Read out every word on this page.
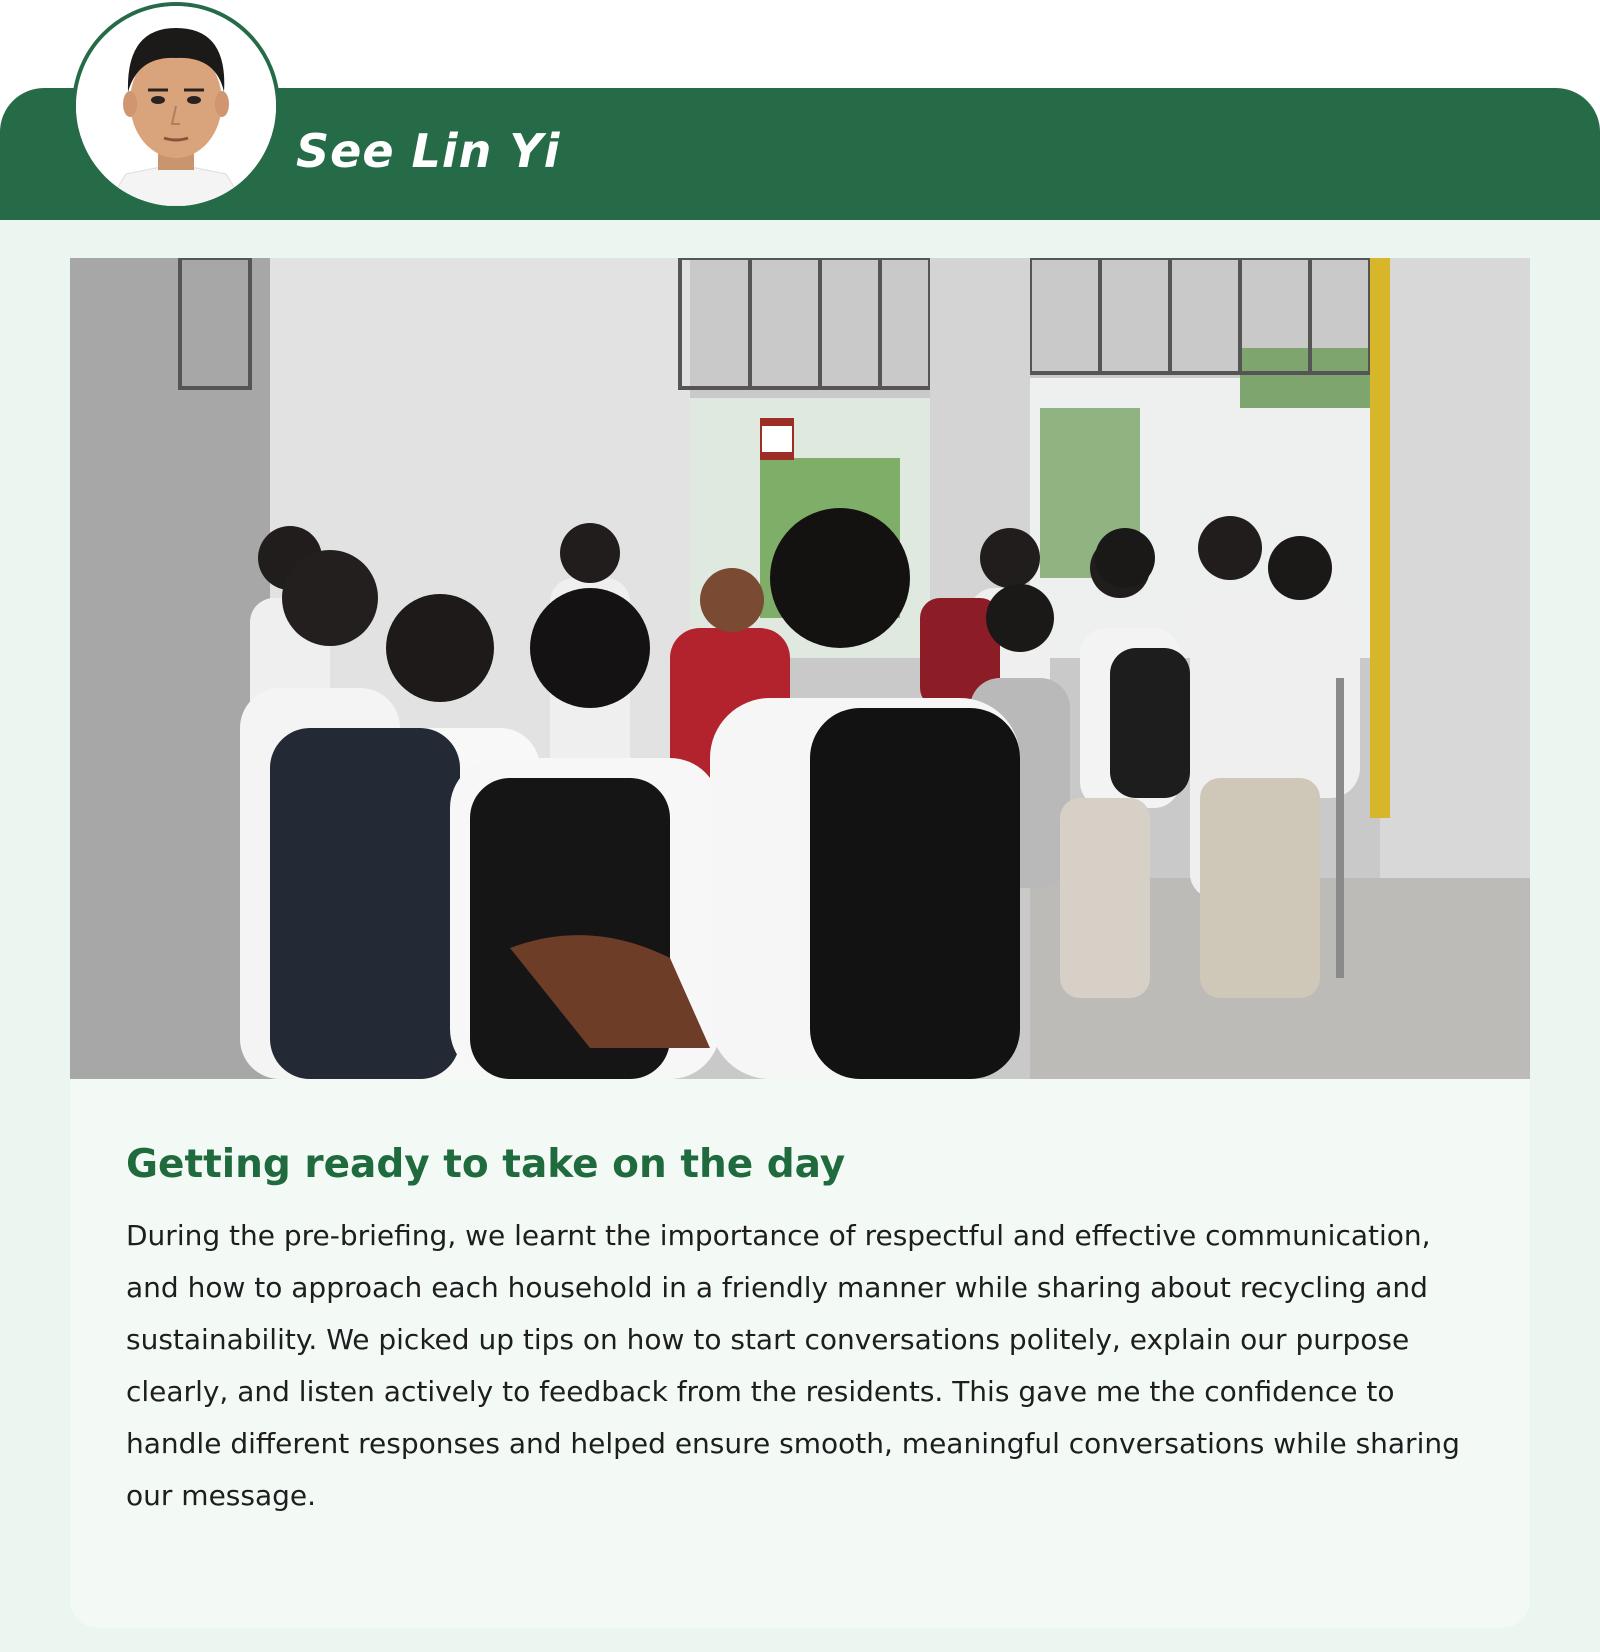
See Lin Yi
Getting ready to take on the day

During the pre-briefing, we learnt the importance of respectful and effective communication, and how to approach each household in a friendly manner while sharing about recycling and sustainability. We picked up tips on how to start conversations politely, explain our purpose clearly, and listen actively to feedback from the residents. This gave me the confidence to handle different responses and helped ensure smooth, meaningful conversations while sharing our message.
